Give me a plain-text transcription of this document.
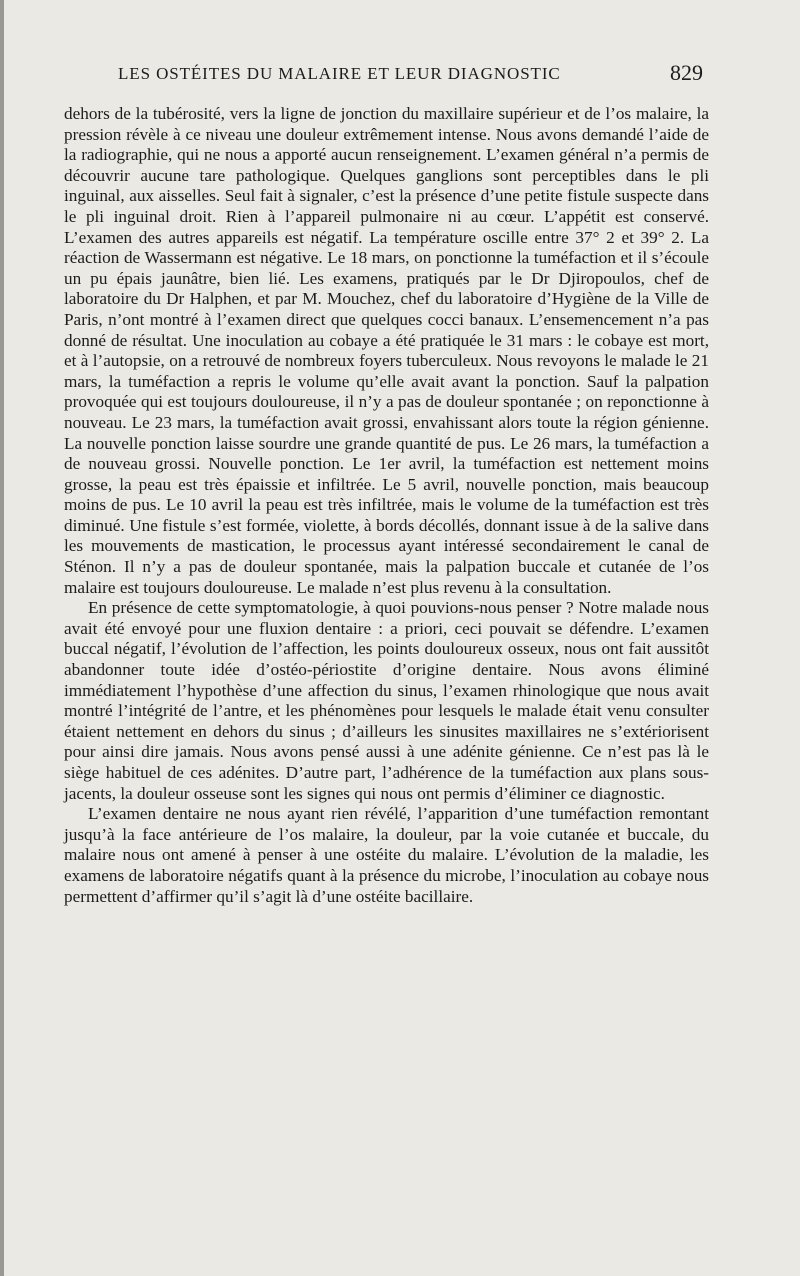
LES OSTÉITES DU MALAIRE ET LEUR DIAGNOSTIC	829

dehors de la tubérosité, vers la ligne de jonction du maxillaire supérieur et de l’os malaire, la pression révèle à ce niveau une douleur extrêmement intense. Nous avons demandé l’aide de la radiographie, qui ne nous a apporté aucun renseignement. L’examen général n’a permis de découvrir aucune tare pathologique. Quelques ganglions sont perceptibles dans le pli inguinal, aux aisselles. Seul fait à signaler, c’est la présence d’une petite fistule suspecte dans le pli inguinal droit. Rien à l’appareil pulmonaire ni au cœur. L’appétit est conservé. L’examen des autres appareils est négatif. La température oscille entre 37° 2 et 39° 2. La réaction de Wassermann est négative. Le 18 mars, on ponctionne la tuméfaction et il s’écoule un pu épais jaunâtre, bien lié. Les examens, pratiqués par le Dr Djiropoulos, chef de laboratoire du Dr Halphen, et par M. Mouchez, chef du laboratoire d’Hygiène de la Ville de Paris, n’ont montré à l’examen direct que quelques cocci banaux. L’ensemencement n’a pas donné de résultat. Une inoculation au cobaye a été pratiquée le 31 mars : le cobaye est mort, et à l’autopsie, on a retrouvé de nombreux foyers tuberculeux. Nous revoyons le malade le 21 mars, la tuméfaction a repris le volume qu’elle avait avant la ponction. Sauf la palpation provoquée qui est toujours douloureuse, il n’y a pas de douleur spontanée ; on reponctionne à nouveau. Le 23 mars, la tuméfaction avait grossi, envahissant alors toute la région génienne. La nouvelle ponction laisse sourdre une grande quantité de pus. Le 26 mars, la tuméfaction a de nouveau grossi. Nouvelle ponction. Le 1er avril, la tuméfaction est nettement moins grosse, la peau est très épaissie et infiltrée. Le 5 avril, nouvelle ponction, mais beaucoup moins de pus. Le 10 avril la peau est très infiltrée, mais le volume de la tuméfaction est très diminué. Une fistule s’est formée, violette, à bords décollés, donnant issue à de la salive dans les mouvements de mastication, le processus ayant intéressé secondairement le canal de Sténon. Il n’y a pas de douleur spontanée, mais la palpation buccale et cutanée de l’os malaire est toujours douloureuse. Le malade n’est plus revenu à la consultation.

En présence de cette symptomatologie, à quoi pouvions-nous penser ? Notre malade nous avait été envoyé pour une fluxion dentaire : a priori, ceci pouvait se défendre. L’examen buccal négatif, l’évolution de l’affection, les points douloureux osseux, nous ont fait aussitôt abandonner toute idée d’ostéo-périostite d’origine dentaire. Nous avons éliminé immédiatement l’hypothèse d’une affection du sinus, l’examen rhinologique que nous avait montré l’intégrité de l’antre, et les phénomènes pour lesquels le malade était venu consulter étaient nettement en dehors du sinus ; d’ailleurs les sinusites maxillaires ne s’extériorisent pour ainsi dire jamais. Nous avons pensé aussi à une adénite génienne. Ce n’est pas là le siège habituel de ces adénites. D’autre part, l’adhérence de la tuméfaction aux plans sous-jacents, la douleur osseuse sont les signes qui nous ont permis d’éliminer ce diagnostic.

L’examen dentaire ne nous ayant rien révélé, l’apparition d’une tuméfaction remontant jusqu’à la face antérieure de l’os malaire, la douleur, par la voie cutanée et buccale, du malaire nous ont amené à penser à une ostéite du malaire. L’évolution de la maladie, les examens de laboratoire négatifs quant à la présence du microbe, l’inoculation au cobaye nous permettent d’affirmer qu’il s’agit là d’une ostéite bacillaire.
